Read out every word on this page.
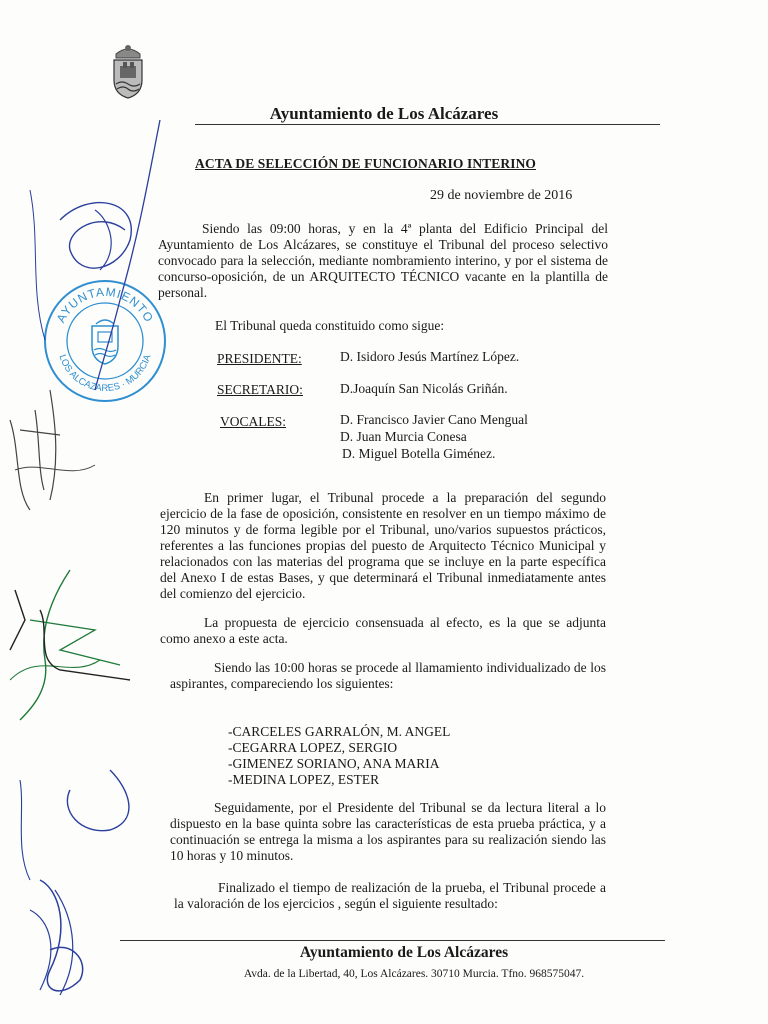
Ayuntamiento de Los Alcázares
ACTA DE SELECCIÓN DE FUNCIONARIO INTERINO
29 de noviembre de 2016
Siendo las 09:00 horas, y en la 4ª planta del Edificio Principal del Ayuntamiento de Los Alcázares, se constituye el Tribunal del proceso selectivo convocado para la selección, mediante nombramiento interino, y por el sistema de concurso-oposición, de un ARQUITECTO TÉCNICO vacante en la plantilla de personal.
El Tribunal queda constituido como sigue:
PRESIDENTE:	D. Isidoro Jesús Martínez López.
SECRETARIO:	D.Joaquín San Nicolás Griñán.
VOCALES:	D. Francisco Javier Cano Mengual
D. Juan Murcia Conesa
D. Miguel Botella Giménez.
En primer lugar, el Tribunal procede a la preparación del segundo ejercicio de la fase de oposición, consistente en resolver en un tiempo máximo de 120 minutos y de forma legible por el Tribunal, uno/varios supuestos prácticos, referentes a las funciones propias del puesto de Arquitecto Técnico Municipal y relacionados con las materias del programa que se incluye en la parte específica del Anexo I de estas Bases, y que determinará el Tribunal inmediatamente antes del comienzo del ejercicio.
La propuesta de ejercicio consensuada al efecto, es la que se adjunta como anexo a este acta.
Siendo las 10:00 horas se procede al llamamiento individualizado de los aspirantes, compareciendo los siguientes:
-CARCELES GARRALÓN, M. ANGEL
-CEGARRA LOPEZ, SERGIO
-GIMENEZ SORIANO, ANA MARIA
-MEDINA LOPEZ, ESTER
Seguidamente, por el Presidente del Tribunal se da lectura literal a lo dispuesto en la base quinta sobre las características de esta prueba práctica, y a continuación se entrega la misma a los aspirantes para su realización siendo las 10 horas y 10 minutos.
Finalizado el tiempo de realización de la prueba, el Tribunal procede a la valoración de los ejercicios , según el siguiente resultado:
Ayuntamiento de Los Alcázares
Avda. de la Libertad, 40, Los Alcázares. 30710 Murcia. Tfno. 968575047.
AYUNTAMIENTO
LOS ALCAZARES · MURCIA
